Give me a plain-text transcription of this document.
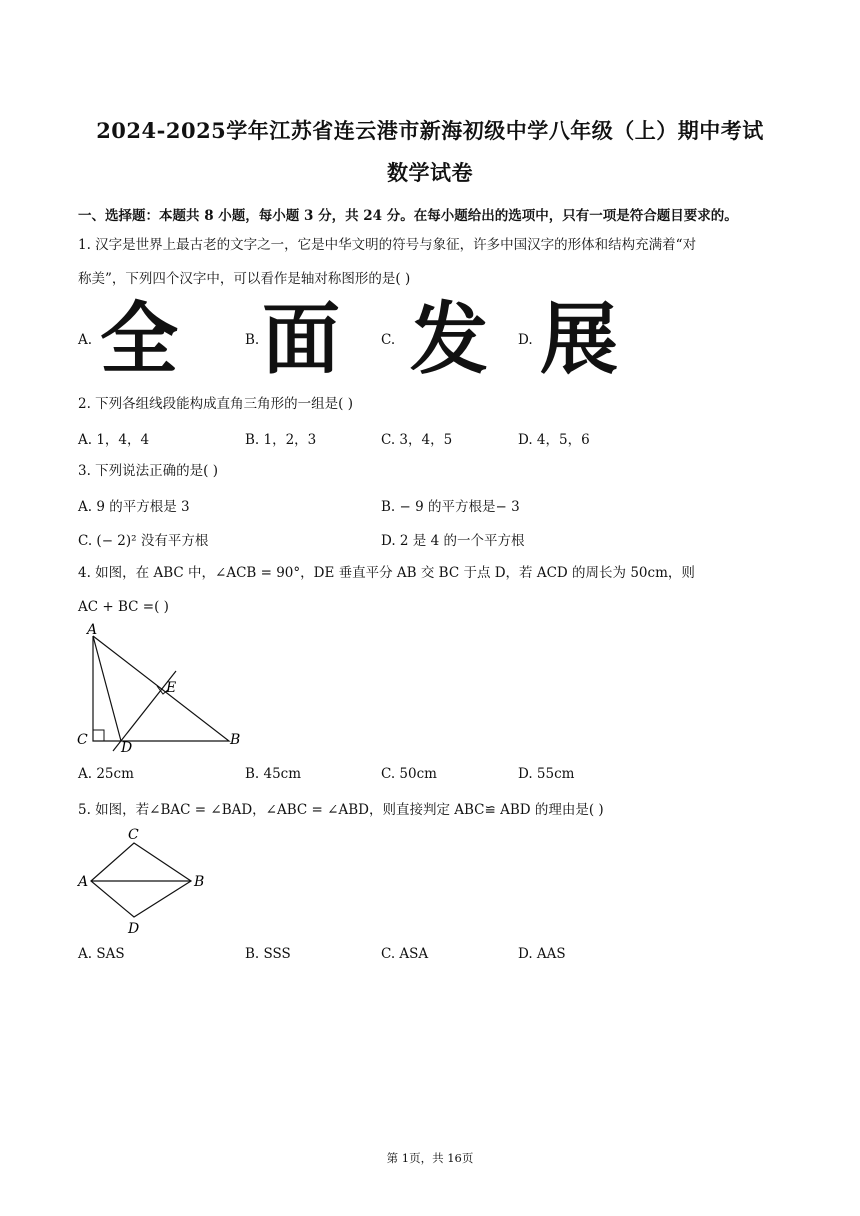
2024-2025学年江苏省连云港市新海初级中学八年级（上）期中考试
数学试卷
一、选择题：本题共 8 小题，每小题 3 分，共 24 分。在每小题给出的选项中，只有一项是符合题目要求的。
1. 汉字是世界上最古老的文字之一，它是中华文明的符号与象征，许多中国汉字的形体和结构充满着“对
称美”，下列四个汉字中，可以看作是轴对称图形的是( )
A. 全	B. 面	C. 发 D. 展
2. 下列各组线段能构成直角三角形的一组是( )
A. 1，4，4	B. 1，2，3	C. 3，4，5	D. 4，5，6
3. 下列说法正确的是( )
A. 9 的平方根是 3	B. − 9 的平方根是− 3
C. (− 2)² 没有平方根	D. 2 是 4 的一个平方根
4. 如图，在 ABC 中，∠ACB = 90°，DE 垂直平分 AB 交 BC 于点 D，若 ACD 的周长为 50cm，则
AC + BC =( )
A
C D	B
E
A. 25cm	B. 45cm	C. 50cm	D. 55cm
5. 如图，若∠BAC = ∠BAD，∠ABC = ∠ABD，则直接判定 ABC≌ ABD 的理由是( )
C
A	B
D
A. SAS	B. SSS	C. ASA	D. AAS
第 1页，共 16页
